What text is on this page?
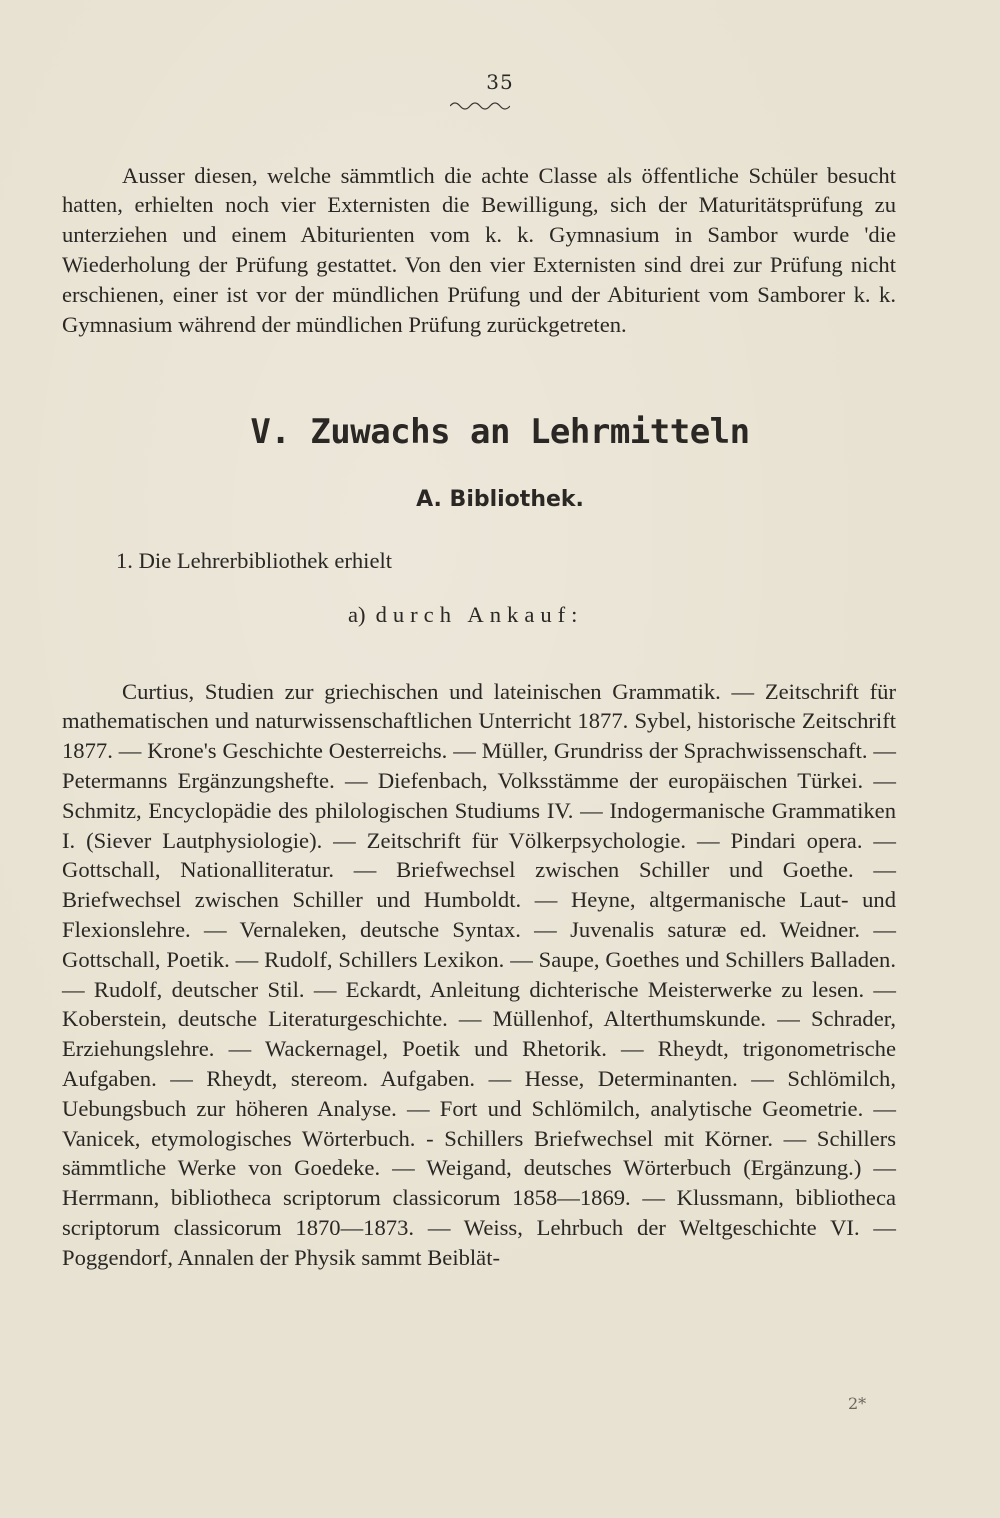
35

Ausser diesen, welche sämmtlich die achte Classe als öffentliche Schüler besucht hatten, erhielten noch vier Externisten die Bewilligung, sich der Maturitätsprüfung zu unterziehen und einem Abiturienten vom k. k. Gymnasium in Sambor wurde 'die Wiederholung der Prüfung gestattet. Von den vier Externisten sind drei zur Prüfung nicht erschienen, einer ist vor der mündlichen Prüfung und der Abiturient vom Samborer k. k. Gymnasium während der mündlichen Prüfung zurückgetreten.

V. Zuwachs an Lehrmitteln
A. Bibliothek.
1. Die Lehrerbibliothek erhielt
a) durch Ankauf:

Curtius, Studien zur griechischen und lateinischen Grammatik. — Zeitschrift für mathematischen und naturwissenschaftlichen Unterricht 1877. Sybel, historische Zeitschrift 1877. — Krone's Geschichte Oesterreichs. — Müller, Grundriss der Sprachwissenschaft. — Petermanns Ergänzungshefte. — Diefenbach, Volksstämme der europäischen Türkei. — Schmitz, Encyclopädie des philologischen Studiums IV. — Indogermanische Grammatiken I. (Siever Lautphysiologie). — Zeitschrift für Völkerpsychologie. — Pindari opera. — Gottschall, Nationalliteratur. — Briefwechsel zwischen Schiller und Goethe. — Briefwechsel zwischen Schiller und Humboldt. — Heyne, altgermanische Laut- und Flexionslehre. — Vernaleken, deutsche Syntax. — Juvenalis saturæ ed. Weidner. — Gottschall, Poetik. — Rudolf, Schillers Lexikon. — Saupe, Goethes und Schillers Balladen. — Rudolf, deutscher Stil. — Eckardt, Anleitung dichterische Meisterwerke zu lesen. — Koberstein, deutsche Literaturgeschichte. — Müllenhof, Alterthumskunde. — Schrader, Erziehungslehre. — Wackernagel, Poetik und Rhetorik. — Rheydt, trigonometrische Aufgaben. — Rheydt, stereom. Aufgaben. — Hesse, Determinanten. — Schlömilch, Uebungsbuch zur höheren Analyse. — Fort und Schlömilch, analytische Geometrie. — Vanicek, etymologisches Wörterbuch. - Schillers Briefwechsel mit Körner. — Schillers sämmtliche Werke von Goedeke. — Weigand, deutsches Wörterbuch (Ergänzung.) — Herrmann, bibliotheca scriptorum classicorum 1858—1869. — Klussmann, bibliotheca scriptorum classicorum 1870—1873. — Weiss, Lehrbuch der Weltgeschichte VI. — Poggendorf, Annalen der Physik sammt Beiblät-

2*
